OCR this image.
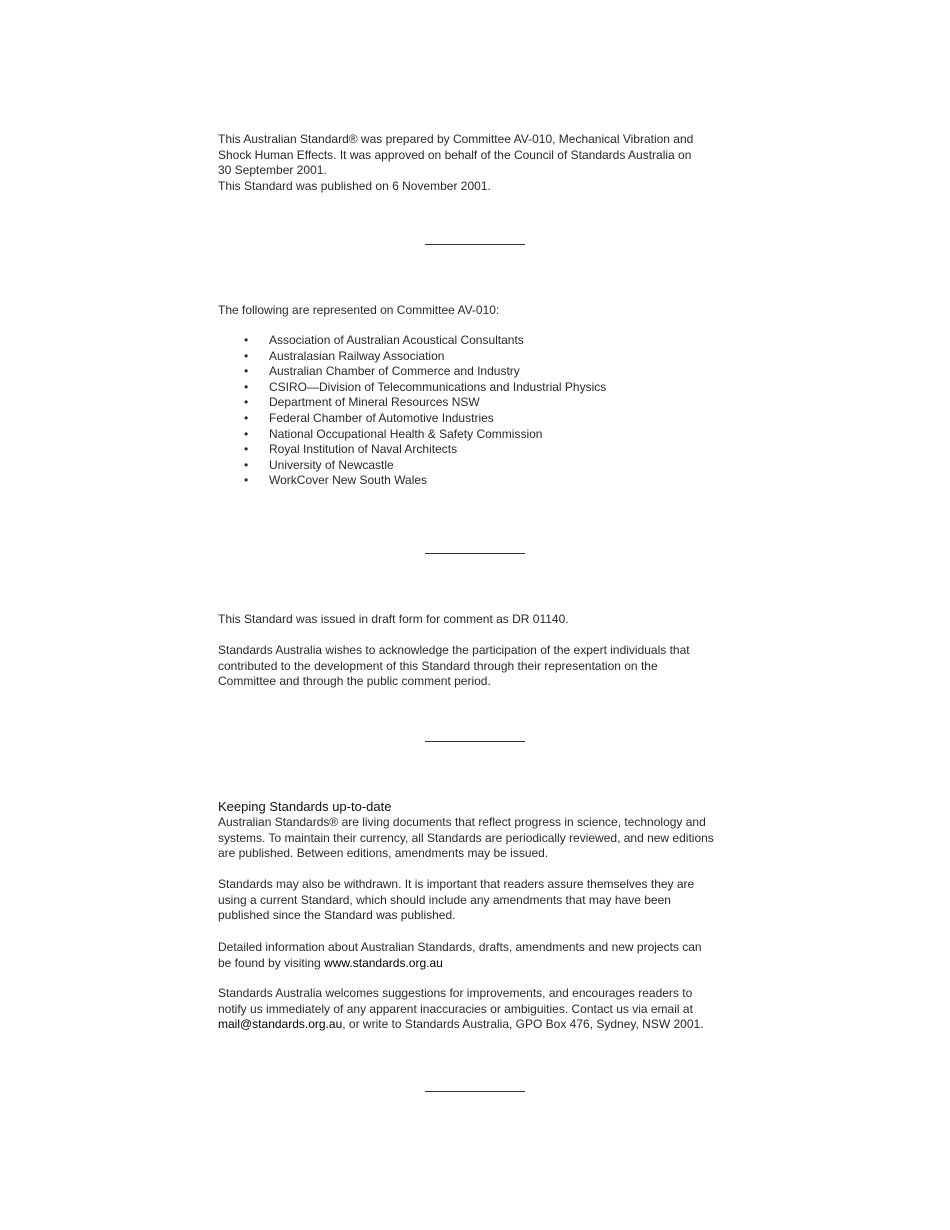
This Australian Standard® was prepared by Committee AV-010, Mechanical Vibration and
Shock Human Effects. It was approved on behalf of the Council of Standards Australia on
30 September 2001.
This Standard was published on 6 November 2001.
The following are represented on Committee AV-010:
• Association of Australian Acoustical Consultants
• Australasian Railway Association
• Australian Chamber of Commerce and Industry
• CSIRO—Division of Telecommunications and Industrial Physics
• Department of Mineral Resources NSW
• Federal Chamber of Automotive Industries
• National Occupational Health & Safety Commission
• Royal Institution of Naval Architects
• University of Newcastle
• WorkCover New South Wales
This Standard was issued in draft form for comment as DR 01140.
Standards Australia wishes to acknowledge the participation of the expert individuals that
contributed to the development of this Standard through their representation on the
Committee and through the public comment period.
Keeping Standards up-to-date
Australian Standards® are living documents that reflect progress in science, technology and
systems. To maintain their currency, all Standards are periodically reviewed, and new editions
are published. Between editions, amendments may be issued.
Standards may also be withdrawn. It is important that readers assure themselves they are
using a current Standard, which should include any amendments that may have been
published since the Standard was published.
Detailed information about Australian Standards, drafts, amendments and new projects can
be found by visiting www.standards.org.au
Standards Australia welcomes suggestions for improvements, and encourages readers to
notify us immediately of any apparent inaccuracies or ambiguities. Contact us via email at
mail@standards.org.au, or write to Standards Australia, GPO Box 476, Sydney, NSW 2001.
